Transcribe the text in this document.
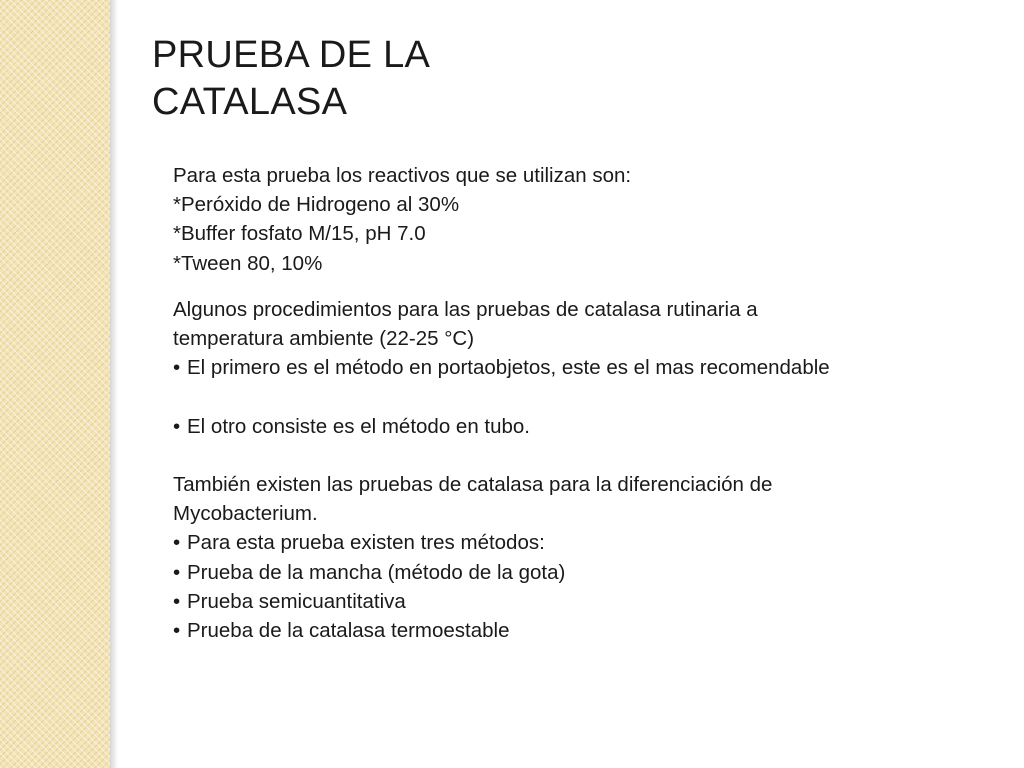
PRUEBA DE LA
CATALASA

Para esta prueba los reactivos que se utilizan son:

*Peróxido de Hidrogeno al 30%

*Buffer fosfato M/15, pH 7.0

*Tween 80, 10%

Algunos procedimientos para las pruebas de catalasa rutinaria a

temperatura ambiente (22-25 °C)

• El primero es el método en portaobjetos, este es el mas recomendable

• El otro consiste es el método en tubo.

También existen las pruebas de catalasa para la diferenciación de

Mycobacterium.

• Para esta prueba existen tres métodos:

• Prueba de la mancha (método de la gota)

• Prueba semicuantitativa

• Prueba de la catalasa termoestable
